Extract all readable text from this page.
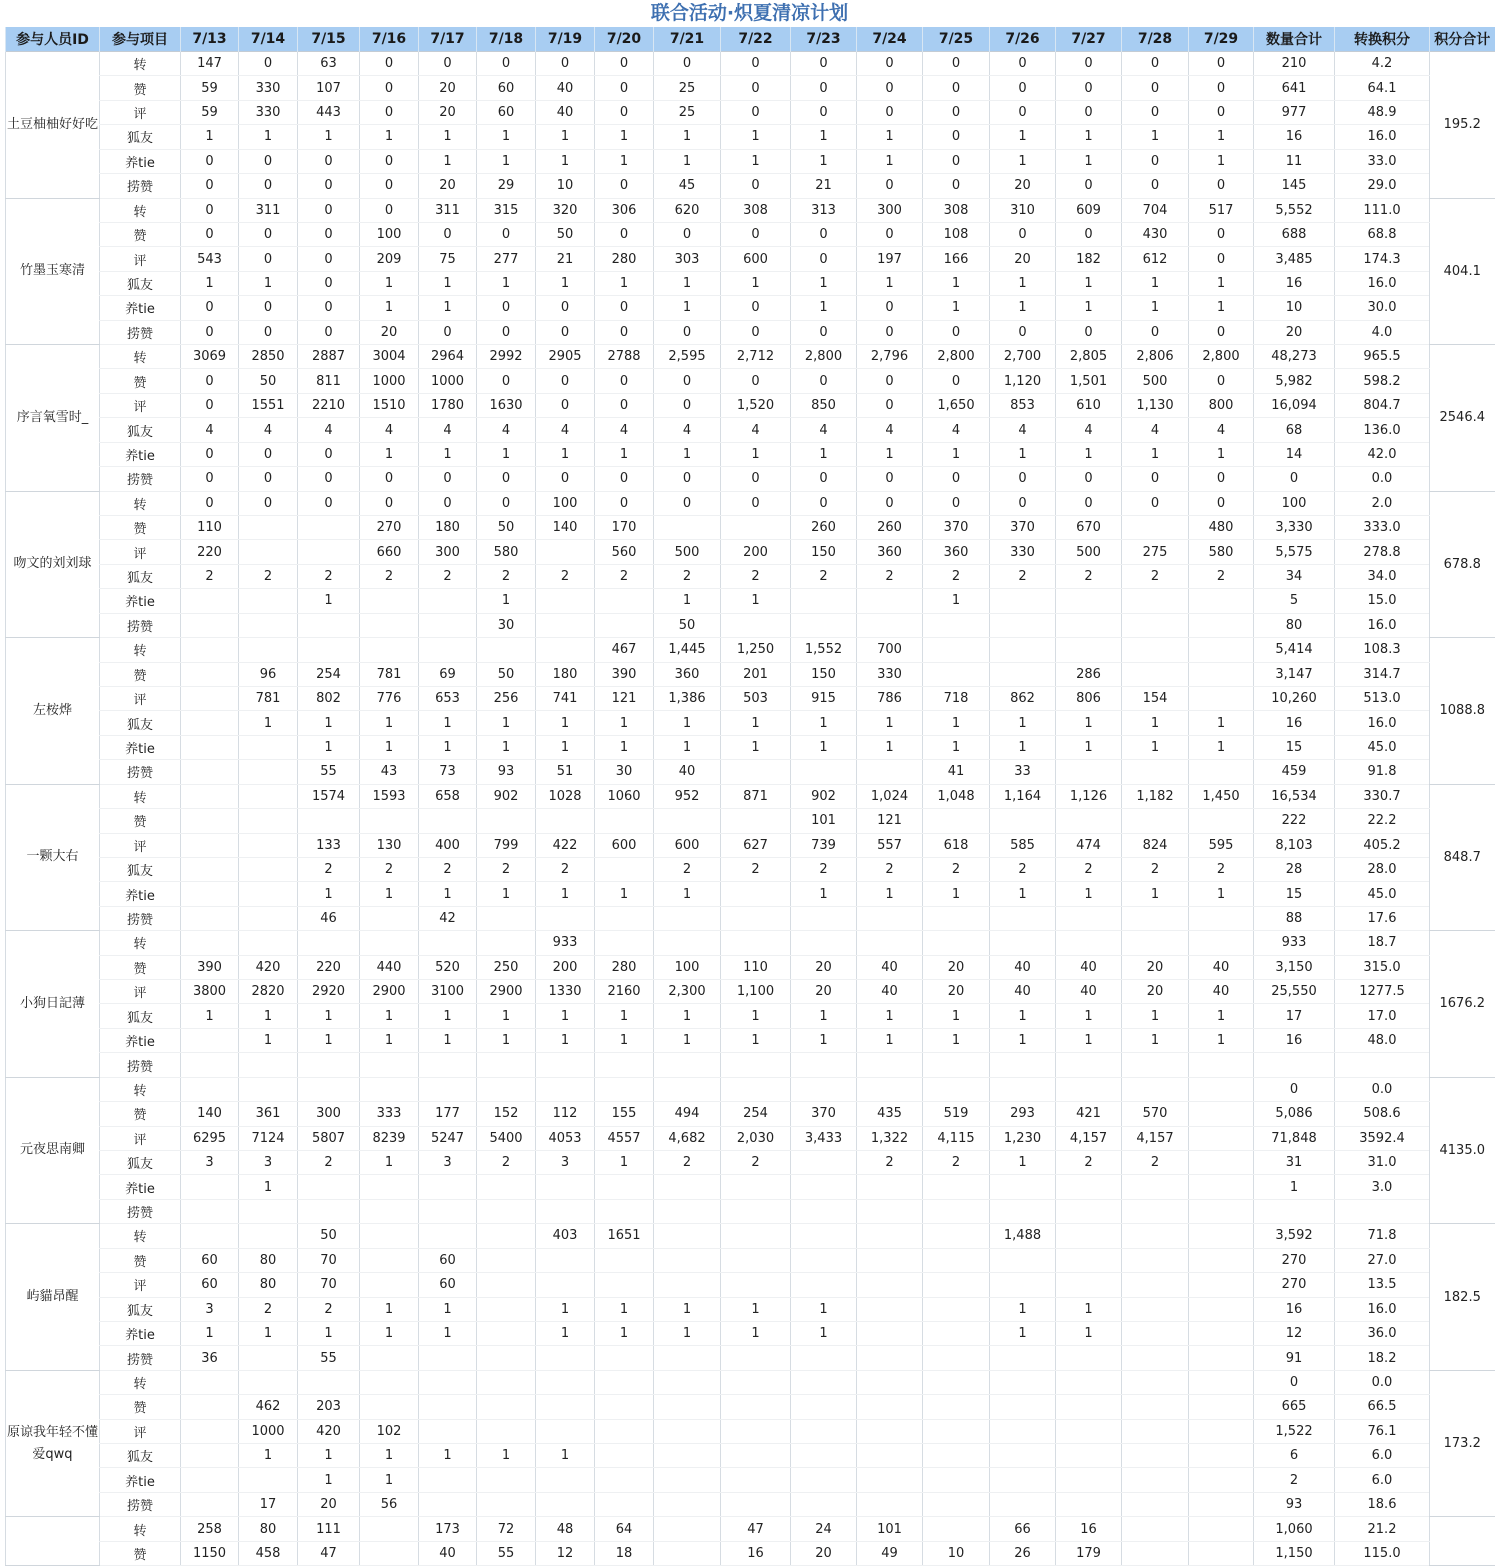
联合活动·炽夏清凉计划
参与人员ID	参与项目	7/13	7/14	7/15	7/16	7/17	7/18	7/19	7/20	7/21	7/22	7/23	7/24	7/25	7/26	7/27	7/28	7/29	数量合计	转换积分	积分合计
土豆柚柚好好吃	转	147	0	63	0	0	0	0	0	0	0	0	0	0	0	0	0	0	210	4.2	195.2
	赞	59	330	107	0	20	60	40	0	25	0	0	0	0	0	0	0	0	641	64.1	
	评	59	330	443	0	20	60	40	0	25	0	0	0	0	0	0	0	0	977	48.9	
	狐友	1	1	1	1	1	1	1	1	1	1	1	1	0	1	1	1	1	16	16.0	
	养tie	0	0	0	0	1	1	1	1	1	1	1	1	0	1	1	0	1	11	33.0	
	捞赞	0	0	0	0	20	29	10	0	45	0	21	0	0	20	0	0	0	145	29.0	
竹墨玉寒清	转	0	311	0	0	311	315	320	306	620	308	313	300	308	310	609	704	517	5,552	111.0	404.1
	赞	0	0	0	100	0	0	50	0	0	0	0	0	108	0	0	430	0	688	68.8	
	评	543	0	0	209	75	277	21	280	303	600	0	197	166	20	182	612	0	3,485	174.3	
	狐友	1	1	0	1	1	1	1	1	1	1	1	1	1	1	1	1	1	16	16.0	
	养tie	0	0	0	1	1	0	0	0	1	0	1	0	1	1	1	1	1	10	30.0	
	捞赞	0	0	0	20	0	0	0	0	0	0	0	0	0	0	0	0	0	20	4.0	
序言氧雪时_	转	3069	2850	2887	3004	2964	2992	2905	2788	2,595	2,712	2,800	2,796	2,800	2,700	2,805	2,806	2,800	48,273	965.5	2546.4
	赞	0	50	811	1000	1000	0	0	0	0	0	0	0	0	1,120	1,501	500	0	5,982	598.2	
	评	0	1551	2210	1510	1780	1630	0	0	0	1,520	850	0	1,650	853	610	1,130	800	16,094	804.7	
	狐友	4	4	4	4	4	4	4	4	4	4	4	4	4	4	4	4	4	68	136.0	
	养tie	0	0	0	1	1	1	1	1	1	1	1	1	1	1	1	1	1	14	42.0	
	捞赞	0	0	0	0	0	0	0	0	0	0	0	0	0	0	0	0	0	0	0.0	
吻文的刘刘球	转	0	0	0	0	0	0	100	0	0	0	0	0	0	0	0	0	0	100	2.0	678.8
	赞	110			270	180	50	140	170			260	260	370	370	670		480	3,330	333.0	
	评	220			660	300	580		560	500	200	150	360	360	330	500	275	580	5,575	278.8	
	狐友	2	2	2	2	2	2	2	2	2	2	2	2	2	2	2	2	2	34	34.0	
	养tie			1			1			1	1			1					5	15.0	
	捞赞						30			50									80	16.0	
左桉烨	转								467	1,445	1,250	1,552	700						5,414	108.3	1088.8
	赞		96	254	781	69	50	180	390	360	201	150	330			286			3,147	314.7	
	评		781	802	776	653	256	741	121	1,386	503	915	786	718	862	806	154		10,260	513.0	
	狐友		1	1	1	1	1	1	1	1	1	1	1	1	1	1	1	1	16	16.0	
	养tie			1	1	1	1	1	1	1	1	1	1	1	1	1	1	1	15	45.0	
	捞赞			55	43	73	93	51	30	40				41	33				459	91.8	
一颗大右	转			1574	1593	658	902	1028	1060	952	871	902	1,024	1,048	1,164	1,126	1,182	1,450	16,534	330.7	848.7
	赞											101	121						222	22.2	
	评			133	130	400	799	422	600	600	627	739	557	618	585	474	824	595	8,103	405.2	
	狐友			2	2	2	2	2		2	2	2	2	2	2	2	2	2	28	28.0	
	养tie			1	1	1	1	1	1	1		1	1	1	1	1	1	1	15	45.0	
	捞赞			46		42													88	17.6	
小狗日記薄	转							933											933	18.7	1676.2
	赞	390	420	220	440	520	250	200	280	100	110	20	40	20	40	40	20	40	3,150	315.0	
	评	3800	2820	2920	2900	3100	2900	1330	2160	2,300	1,100	20	40	20	40	40	20	40	25,550	1277.5	
	狐友	1	1	1	1	1	1	1	1	1	1	1	1	1	1	1	1	1	17	17.0	
	养tie		1	1	1	1	1	1	1	1	1	1	1	1	1	1	1	1	16	48.0	
	捞赞																				
元夜思南卿	转																		0	0.0	4135.0
	赞	140	361	300	333	177	152	112	155	494	254	370	435	519	293	421	570		5,086	508.6	
	评	6295	7124	5807	8239	5247	5400	4053	4557	4,682	2,030	3,433	1,322	4,115	1,230	4,157	4,157		71,848	3592.4	
	狐友	3	3	2	1	3	2	3	1	2	2		2	2	1	2	2		31	31.0	
	养tie		1																1	3.0	
	捞赞																				
屿貓昂醒	转			50				403	1651						1,488				3,592	71.8	182.5
	赞	60	80	70		60													270	27.0	
	评	60	80	70		60													270	13.5	
	狐友	3	2	2	1	1		1	1	1	1	1			1	1			16	16.0	
	养tie	1	1	1	1	1		1	1	1	1	1			1	1			12	36.0	
	捞赞	36		55															91	18.2	
原谅我年轻不懂爱qwq	转																		0	0.0	173.2
	赞		462	203															665	66.5	
	评		1000	420	102														1,522	76.1	
	狐友		1	1	1	1	1	1											6	6.0	
	养tie			1	1														2	6.0	
	捞赞		17	20	56														93	18.6	
	转	258	80	111		173	72	48	64		47	24	101		66	16			1,060	21.2	
	赞	1150	458	47		40	55	12	18		16	20	49	10	26	179			1,150	115.0	
